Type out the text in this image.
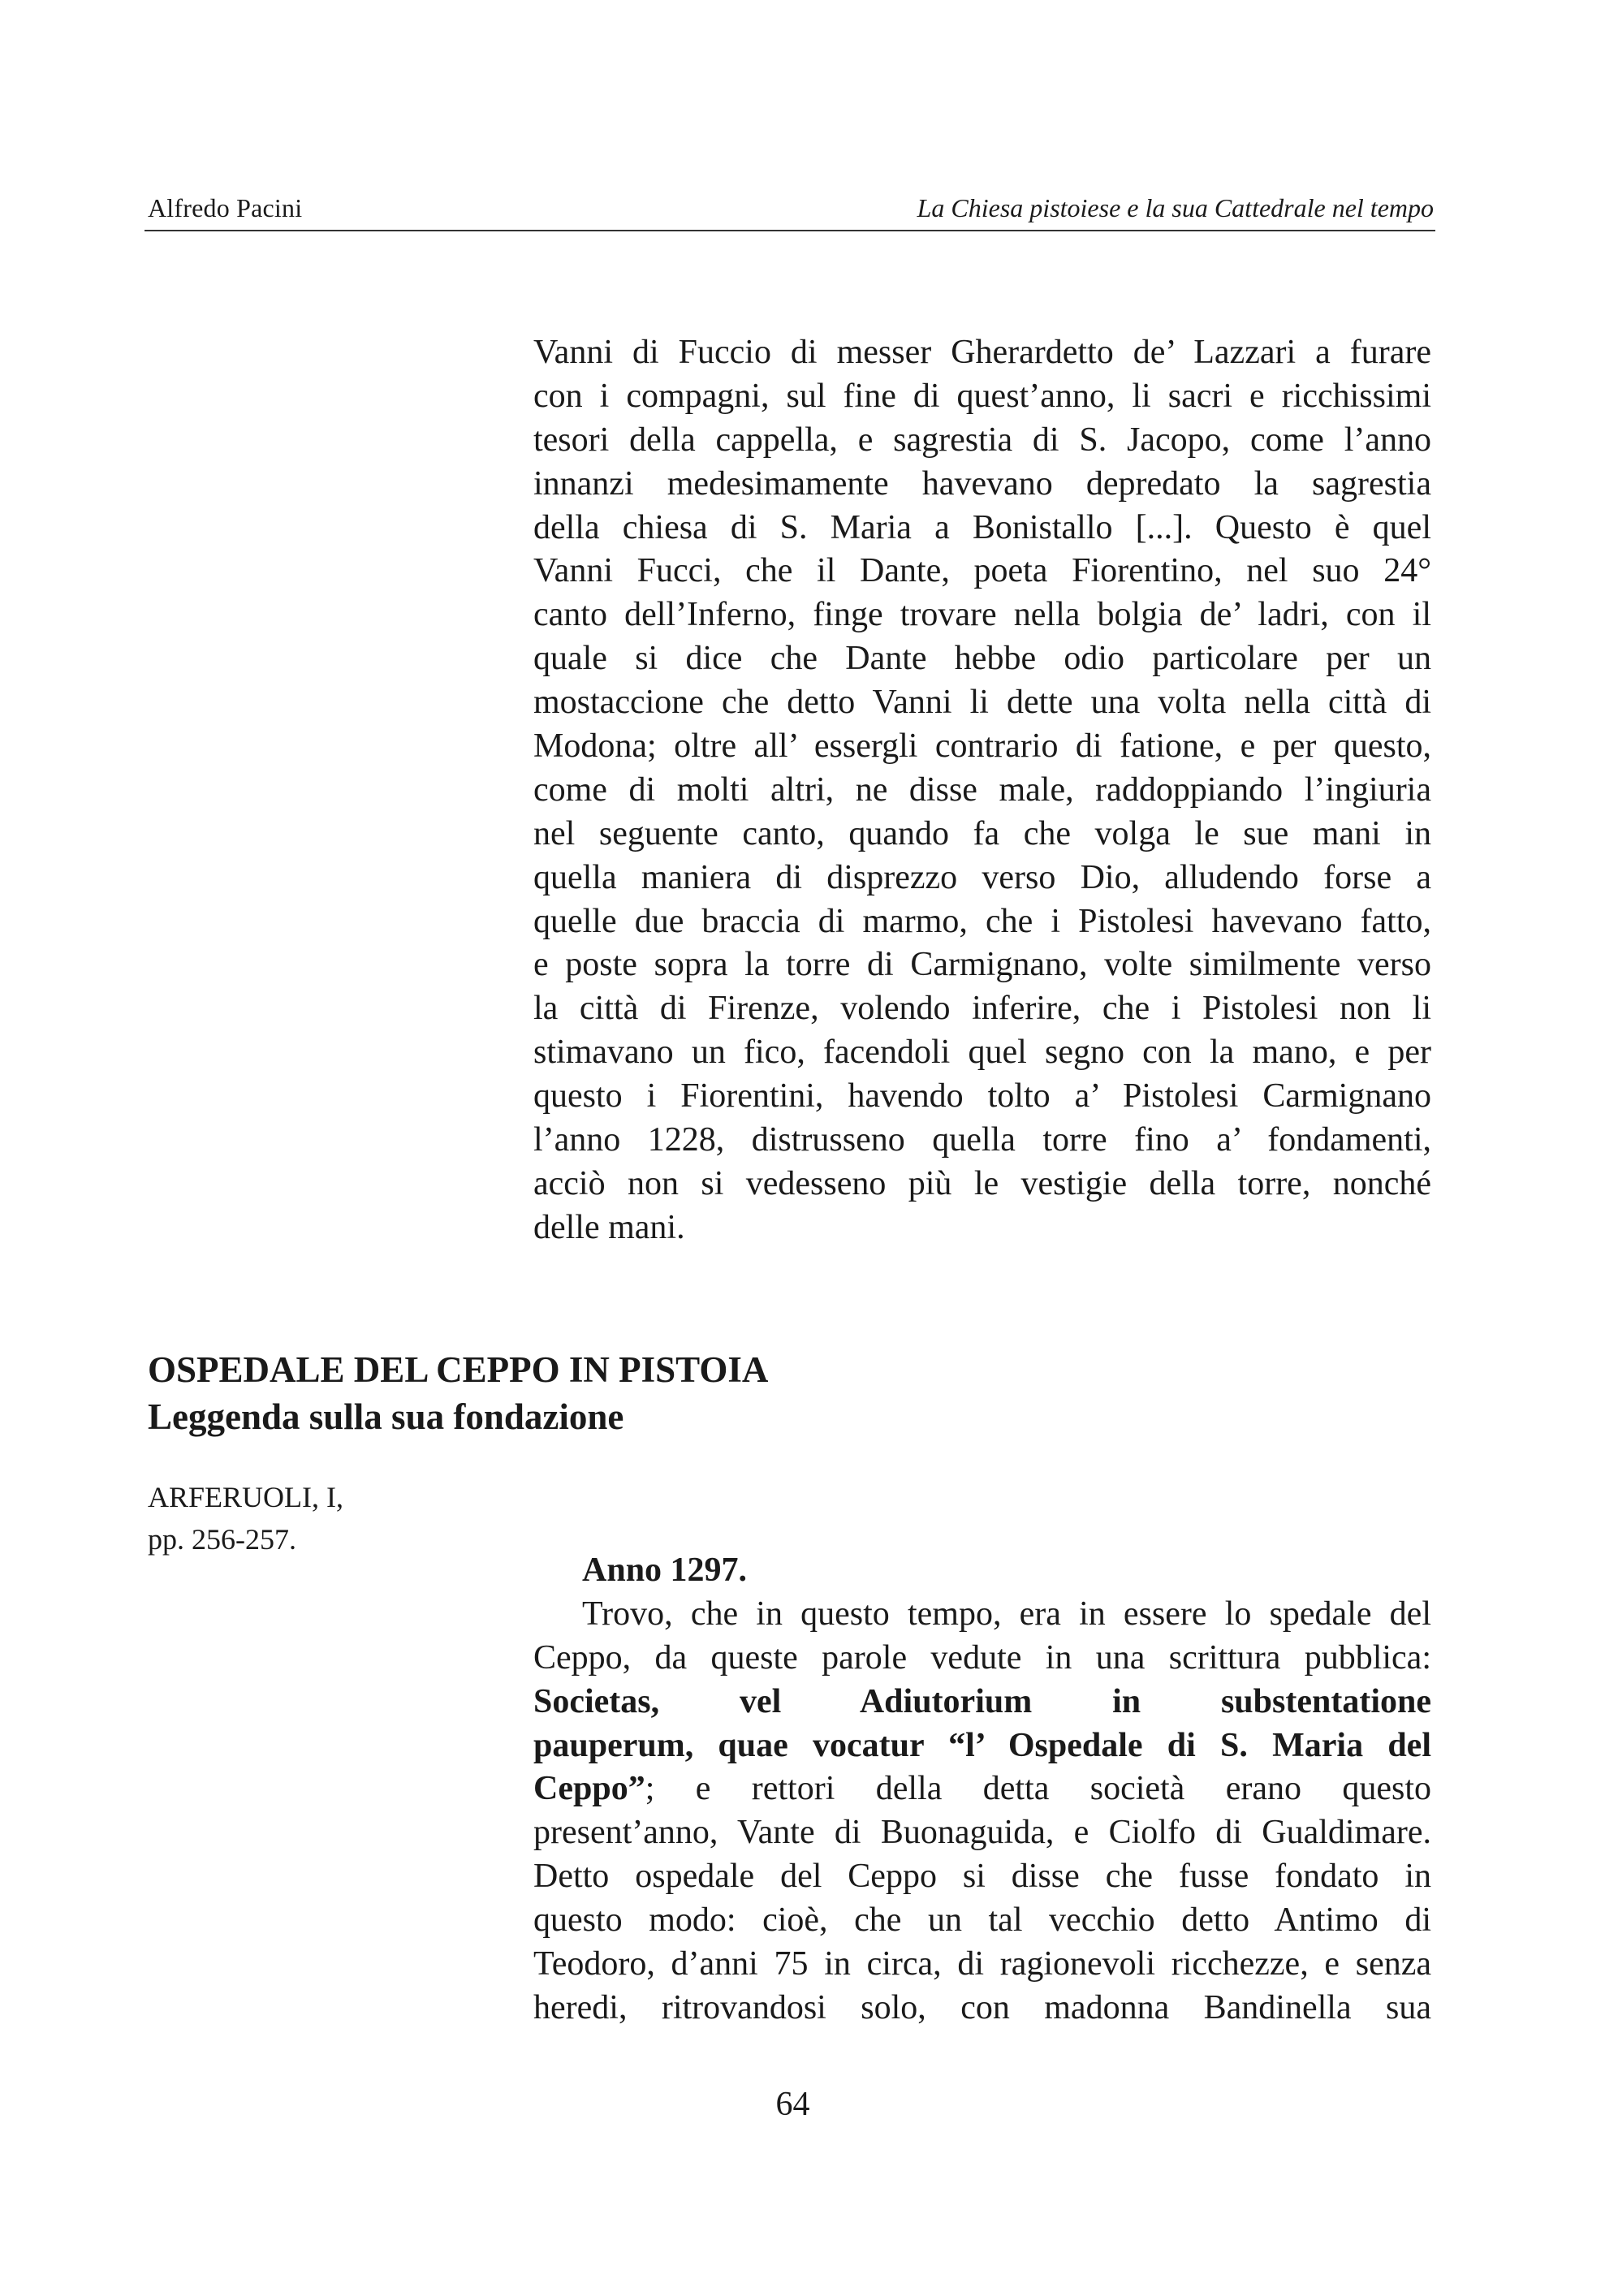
Alfredo Pacini	La Chiesa pistoiese e la sua Cattedrale nel tempo
Vanni di Fuccio di messer Gherardetto de’ Lazzari a furare
con i compagni, sul fine di quest’anno, li sacri e ricchissimi
tesori della cappella, e sagrestia di S. Jacopo, come l’anno
innanzi medesimamente havevano depredato la sagrestia
della chiesa di S. Maria a Bonistallo [...]. Questo è quel
Vanni Fucci, che il Dante, poeta Fiorentino, nel suo 24°
canto dell’Inferno, finge trovare nella bolgia de’ ladri, con il
quale si dice che Dante hebbe odio particolare per un
mostaccione che detto Vanni li dette una volta nella città di
Modona; oltre all’ essergli contrario di fatione, e per questo,
come di molti altri, ne disse male, raddoppiando l’ingiuria
nel seguente canto, quando fa che volga le sue mani in
quella maniera di disprezzo verso Dio, alludendo forse a
quelle due braccia di marmo, che i Pistolesi havevano fatto,
e poste sopra la torre di Carmignano, volte similmente verso
la città di Firenze, volendo inferire, che i Pistolesi non li
stimavano un fico, facendoli quel segno con la mano, e per
questo i Fiorentini, havendo tolto a’ Pistolesi Carmignano
l’anno 1228, distrusseno quella torre fino a’ fondamenti,
acciò non si vedesseno più le vestigie della torre, nonché
delle mani.
OSPEDALE DEL CEPPO IN PISTOIA
Leggenda sulla sua fondazione
ARFERUOLI, I,
pp. 256-257.
Anno 1297.
Trovo, che in questo tempo, era in essere lo spedale del
Ceppo, da queste parole vedute in una scrittura pubblica:
Societas, vel Adiutorium in substentatione
pauperum, quae vocatur “l’ Ospedale di S. Maria del
Ceppo”; e rettori della detta società erano questo
present’anno, Vante di Buonaguida, e Ciolfo di Gualdimare.
Detto ospedale del Ceppo si disse che fusse fondato in
questo modo: cioè, che un tal vecchio detto Antimo di
Teodoro, d’anni 75 in circa, di ragionevoli ricchezze, e senza
heredi, ritrovandosi solo, con madonna Bandinella sua
64
